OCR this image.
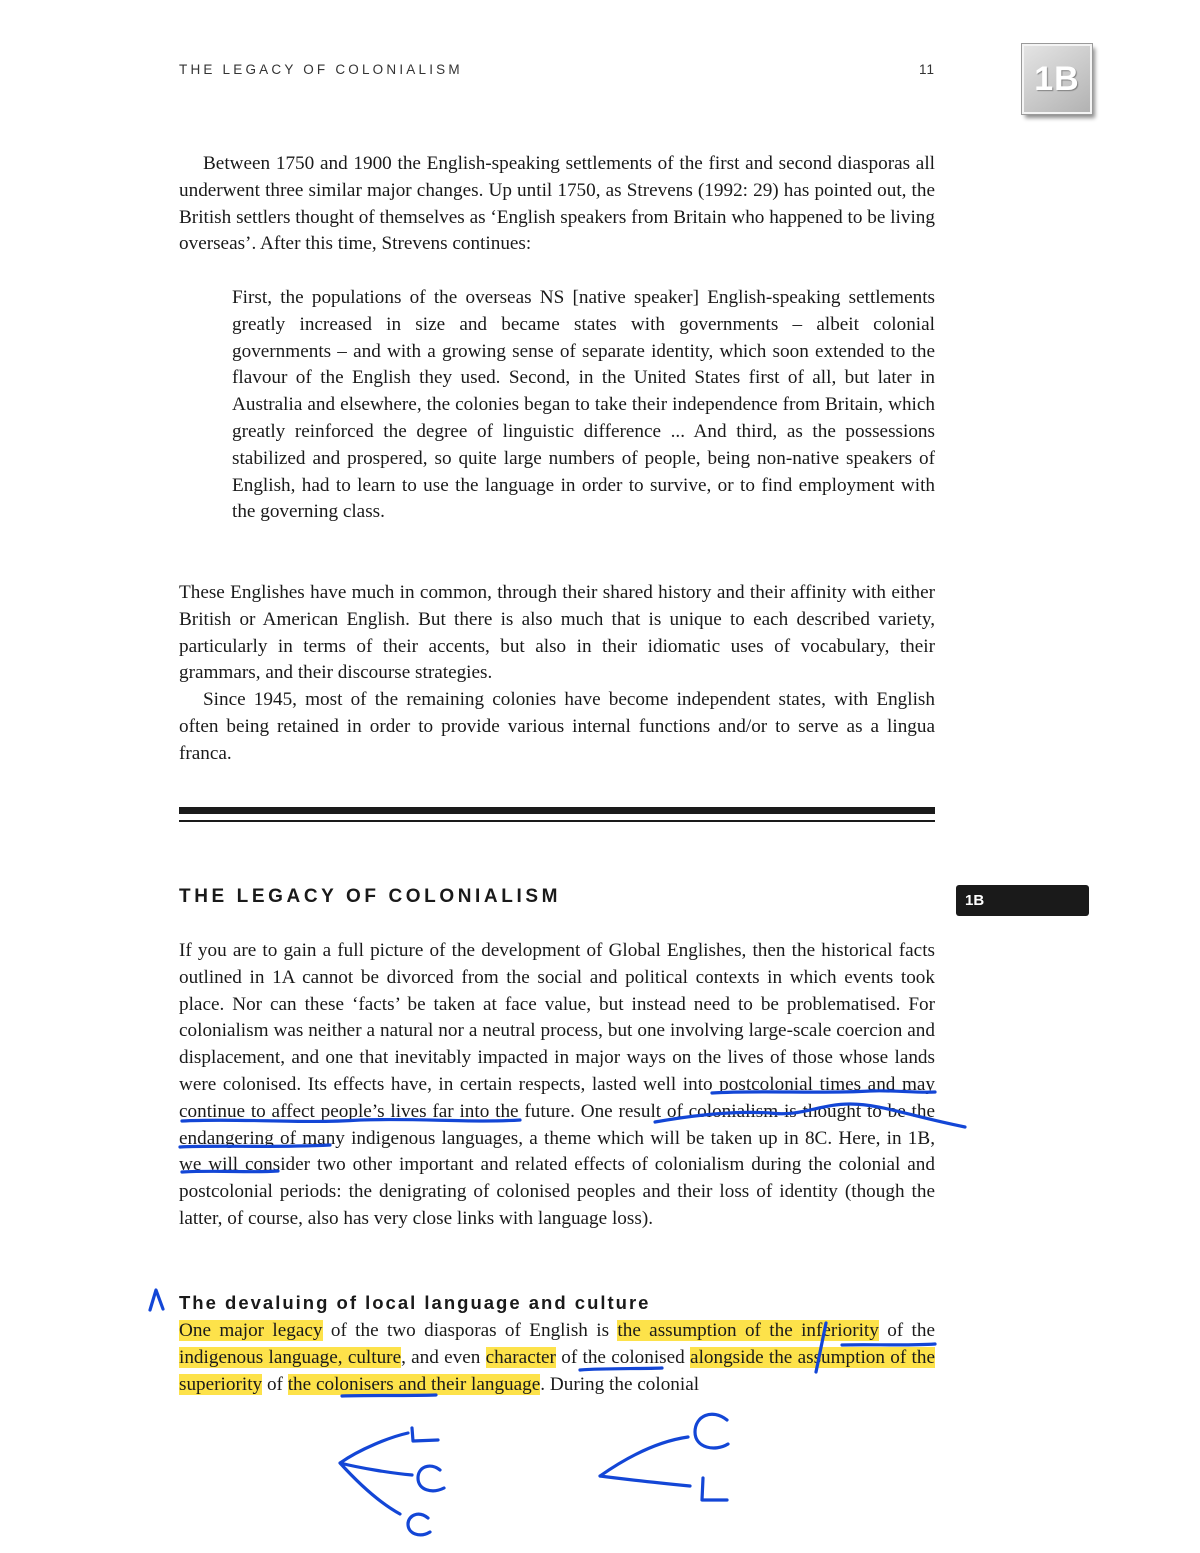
THE LEGACY OF COLONIALISM	11	1B

Between 1750 and 1900 the English-speaking settlements of the first and second diasporas all underwent three similar major changes. Up until 1750, as Strevens (1992: 29) has pointed out, the British settlers thought of themselves as ‘English speakers from Britain who happened to be living overseas’. After this time, Strevens continues:

First, the populations of the overseas NS [native speaker] English-speaking settlements greatly increased in size and became states with governments – albeit colonial governments – and with a growing sense of separate identity, which soon extended to the flavour of the English they used. Second, in the United States first of all, but later in Australia and elsewhere, the colonies began to take their independence from Britain, which greatly reinforced the degree of linguistic difference ... And third, as the possessions stabilized and prospered, so quite large numbers of people, being non-native speakers of English, had to learn to use the language in order to survive, or to find employment with the governing class.

These Englishes have much in common, through their shared history and their affinity with either British or American English. But there is also much that is unique to each described variety, particularly in terms of their accents, but also in their idiomatic uses of vocabulary, their grammars, and their discourse strategies.

Since 1945, most of the remaining colonies have become independent states, with English often being retained in order to provide various internal functions and/or to serve as a lingua franca.

THE LEGACY OF COLONIALISM	1B

If you are to gain a full picture of the development of Global Englishes, then the historical facts outlined in 1A cannot be divorced from the social and political contexts in which events took place. Nor can these ‘facts’ be taken at face value, but instead need to be problematised. For colonialism was neither a natural nor a neutral process, but one involving large-scale coercion and displacement, and one that inevitably impacted in major ways on the lives of those whose lands were colonised. Its effects have, in certain respects, lasted well into postcolonial times and may continue to affect people’s lives far into the future. One result of colonialism is thought to be the endangering of many indigenous languages, a theme which will be taken up in 8C. Here, in 1B, we will consider two other important and related effects of colonialism during the colonial and postcolonial periods: the denigrating of colonised peoples and their loss of identity (though the latter, of course, also has very close links with language loss).

The devaluing of local language and culture

One major legacy of the two diasporas of English is the assumption of the inferiority of the indigenous language, culture, and even character of the colonised alongside the assumption of the superiority of the colonisers and their language. During the colonial
